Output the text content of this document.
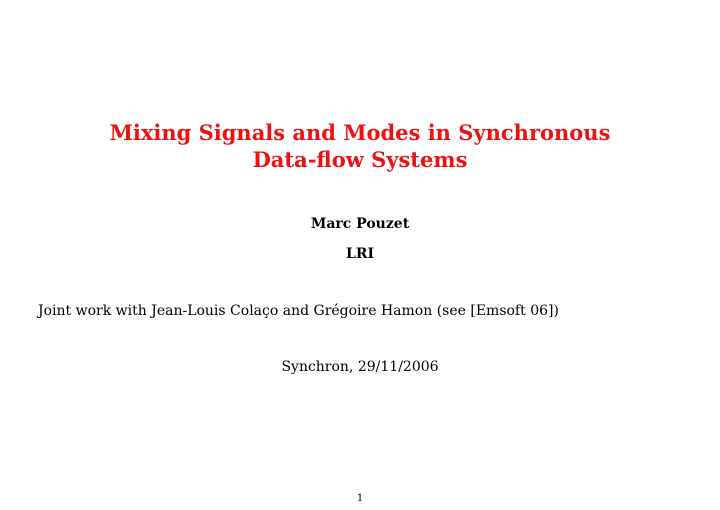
Mixing Signals and Modes in Synchronous
Data-flow Systems
Marc Pouzet
LRI
Joint work with Jean-Louis Colaço and Grégoire Hamon (see [Emsoft 06])
Synchron, 29/11/2006
1
